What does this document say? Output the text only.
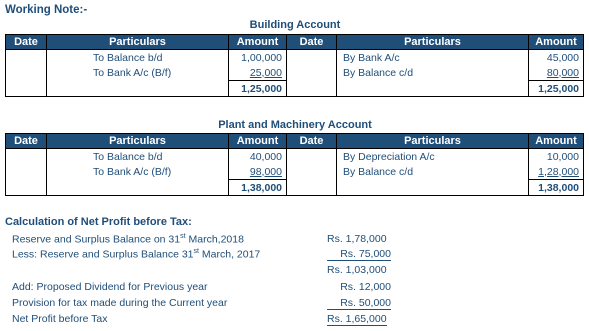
Working Note:-
Building Account
Date	Particulars	Amount	Date	Particulars	Amount
	To Balance b/d	1,00,000		By Bank A/c	45,000
	To Bank A/c (B/f)	25,000		By Balance c/d	80,000
		1,25,000			1,25,000
Plant and Machinery Account
Date	Particulars	Amount	Date	Particulars	Amount
	To Balance b/d	40,000		By Depreciation A/c	10,000
	To Bank A/c (B/f)	98,000		By Balance c/d	1,28,000
		1,38,000			1,38,000
Calculation of Net Profit before Tax:
Reserve and Surplus Balance on 31st March,2018	Rs. 1,78,000
Less: Reserve and Surplus Balance 31st March, 2017	Rs. 75,000
Rs. 1,03,000
Add: Proposed Dividend for Previous year	Rs. 12,000
Provision for tax made during the Current year	Rs. 50,000
Net Profit before Tax	Rs. 1,65,000
